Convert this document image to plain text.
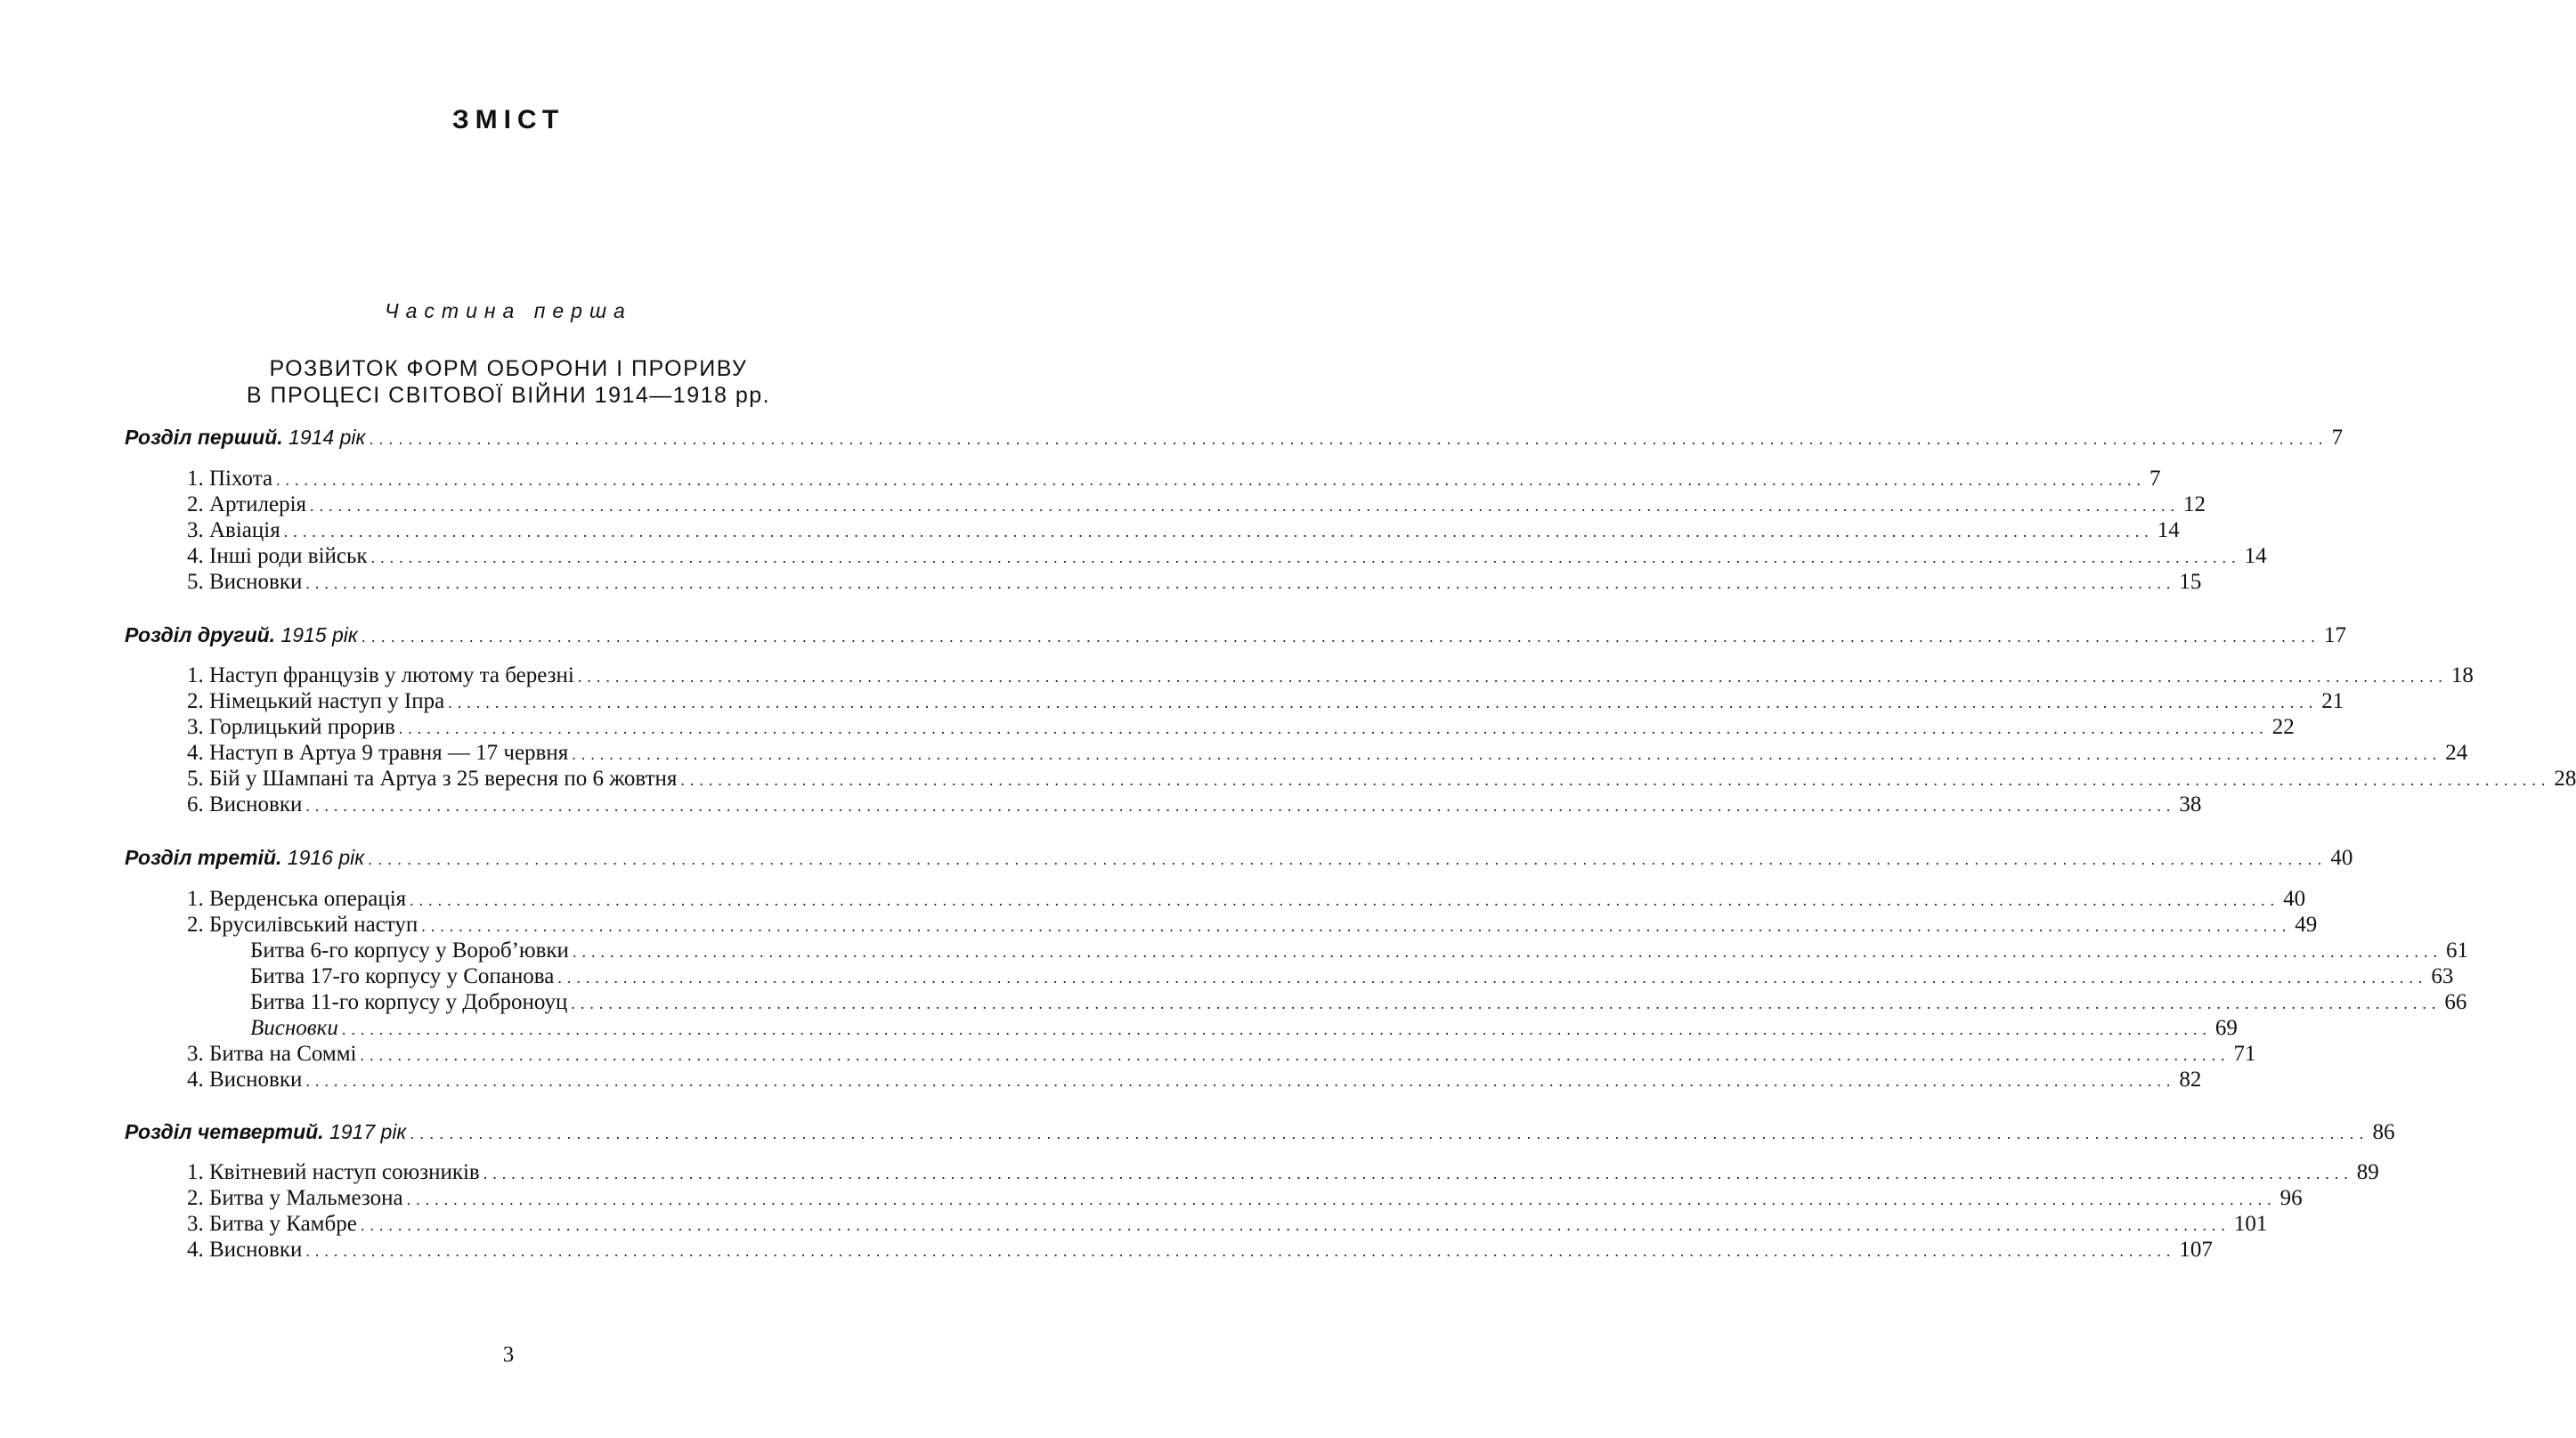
ЗМІСТ
Частина перша
РОЗВИТОК ФОРМ ОБОРОНИ І ПРОРИВУ
В ПРОЦЕСІ СВІТОВОЇ ВІЙНИ 1914—1918 рр.
Розділ перший. 1914 рік ........................................................................................................................................................................................................ 7
1. Піхота ........................................................................................................................................................................................................ 7
2. Артилерія ........................................................................................................................................................................................................ 12
3. Авіація ........................................................................................................................................................................................................ 14
4. Інші роди військ ........................................................................................................................................................................................................ 14
5. Висновки ........................................................................................................................................................................................................ 15
Розділ другий. 1915 рік ........................................................................................................................................................................................................ 17
1. Наступ французів у лютому та березні ........................................................................................................................................................................................................ 18
2. Німецький наступ у Іпра ........................................................................................................................................................................................................ 21
3. Горлицький прорив ........................................................................................................................................................................................................ 22
4. Наступ в Артуа 9 травня — 17 червня ........................................................................................................................................................................................................ 24
5. Бій у Шампані та Артуа з 25 вересня по 6 жовтня ........................................................................................................................................................................................................ 28
6. Висновки ........................................................................................................................................................................................................ 38
Розділ третій. 1916 рік ........................................................................................................................................................................................................ 40
1. Верденська операція ........................................................................................................................................................................................................ 40
2. Брусилівський наступ ........................................................................................................................................................................................................ 49
Битва 6-го корпусу у Вороб’ювки ........................................................................................................................................................................................................ 61
Битва 17-го корпусу у Сопанова ........................................................................................................................................................................................................ 63
Битва 11-го корпусу у Доброноуц ........................................................................................................................................................................................................ 66
Висновки ........................................................................................................................................................................................................ 69
3. Битва на Соммі ........................................................................................................................................................................................................ 71
4. Висновки ........................................................................................................................................................................................................ 82
Розділ четвертий. 1917 рік ........................................................................................................................................................................................................ 86
1. Квітневий наступ союзників ........................................................................................................................................................................................................ 89
2. Битва у Мальмезона ........................................................................................................................................................................................................ 96
3. Битва у Камбре ........................................................................................................................................................................................................ 101
4. Висновки ........................................................................................................................................................................................................ 107
3
